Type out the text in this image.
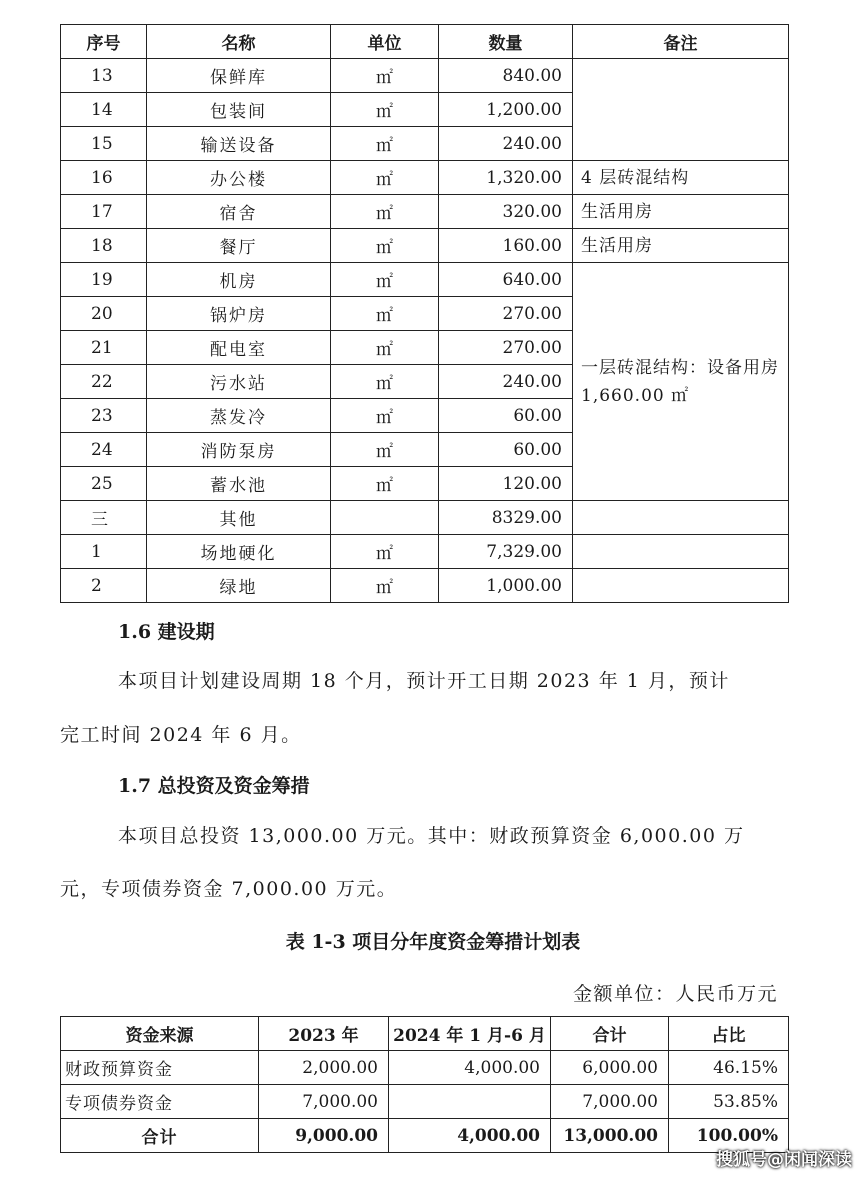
序号	名称	单位	数量	备注
13	保鲜库	㎡	840.00	
14	包装间	㎡	1,200.00	
15	输送设备	㎡	240.00	
16	办公楼	㎡	1,320.00	4 层砖混结构
17	宿舍	㎡	320.00	生活用房
18	餐厅	㎡	160.00	生活用房
19	机房	㎡	640.00	一层砖混结构：设备用房 1,660.00 ㎡
20	锅炉房	㎡	270.00	
21	配电室	㎡	270.00	
22	污水站	㎡	240.00	
23	蒸发冷	㎡	60.00	
24	消防泵房	㎡	60.00	
25	蓄水池	㎡	120.00	
三	其他		8329.00	
1	场地硬化	㎡	7,329.00	
2	绿地	㎡	1,000.00	
1.6 建设期
本项目计划建设周期 18 个月，预计开工日期 2023 年 1 月，预计
完工时间 2024 年 6 月。
1.7 总投资及资金筹措
本项目总投资 13,000.00 万元。其中：财政预算资金 6,000.00 万
元，专项债券资金 7,000.00 万元。
表 1-3 项目分年度资金筹措计划表
金额单位：人民币万元
资金来源	2023 年	2024 年 1 月-6 月	合计	占比
财政预算资金	2,000.00	4,000.00	6,000.00	46.15%
专项债券资金	7,000.00		7,000.00	53.85%
合计	9,000.00	4,000.00	13,000.00	100.00%
搜狐号@闲闻深读
